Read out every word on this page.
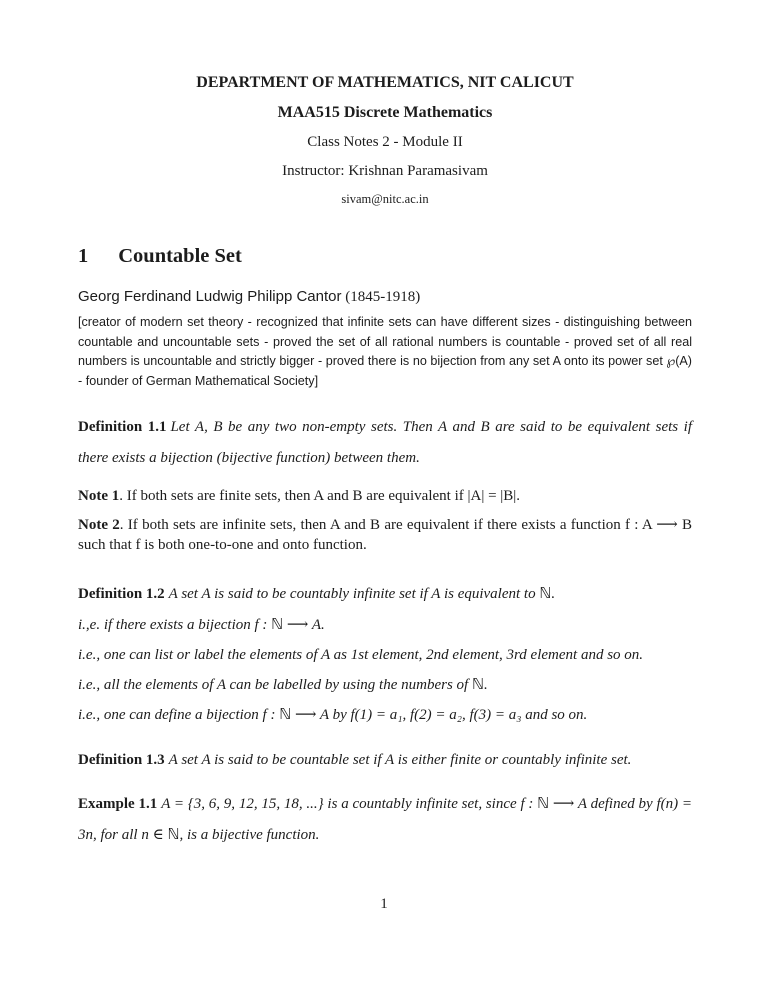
DEPARTMENT OF MATHEMATICS, NIT CALICUT
MAA515 Discrete Mathematics
Class Notes 2 - Module II
Instructor: Krishnan Paramasivam
sivam@nitc.ac.in
1 Countable Set

Georg Ferdinand Ludwig Philipp Cantor (1845-1918)

[creator of modern set theory - recognized that infinite sets can have different sizes - distinguishing between countable and uncountable sets - proved the set of all rational numbers is countable - proved set of all real numbers is uncountable and strictly bigger - proved there is no bijection from any set A onto its power set ℘(A) - founder of German Mathematical Society]

Definition 1.1 Let A, B be any two non-empty sets. Then A and B are said to be equivalent sets if there exists a bijection (bijective function) between them.

Note 1. If both sets are finite sets, then A and B are equivalent if |A| = |B|.

Note 2. If both sets are infinite sets, then A and B are equivalent if there exists a function f : A ⟶ B such that f is both one-to-one and onto function.

Definition 1.2 A set A is said to be countably infinite set if A is equivalent to ℕ.

i.,e. if there exists a bijection f : ℕ ⟶ A.

i.e., one can list or label the elements of A as 1st element, 2nd element, 3rd element and so on.

i.e., all the elements of A can be labelled by using the numbers of ℕ.

i.e., one can define a bijection f : ℕ ⟶ A by f(1) = a₁, f(2) = a₂, f(3) = a₃ and so on.

Definition 1.3 A set A is said to be countable set if A is either finite or countably infinite set.

Example 1.1 A = {3, 6, 9, 12, 15, 18, ...} is a countably infinite set, since f : ℕ ⟶ A defined by f(n) = 3n, for all n ∈ ℕ, is a bijective function.

1
